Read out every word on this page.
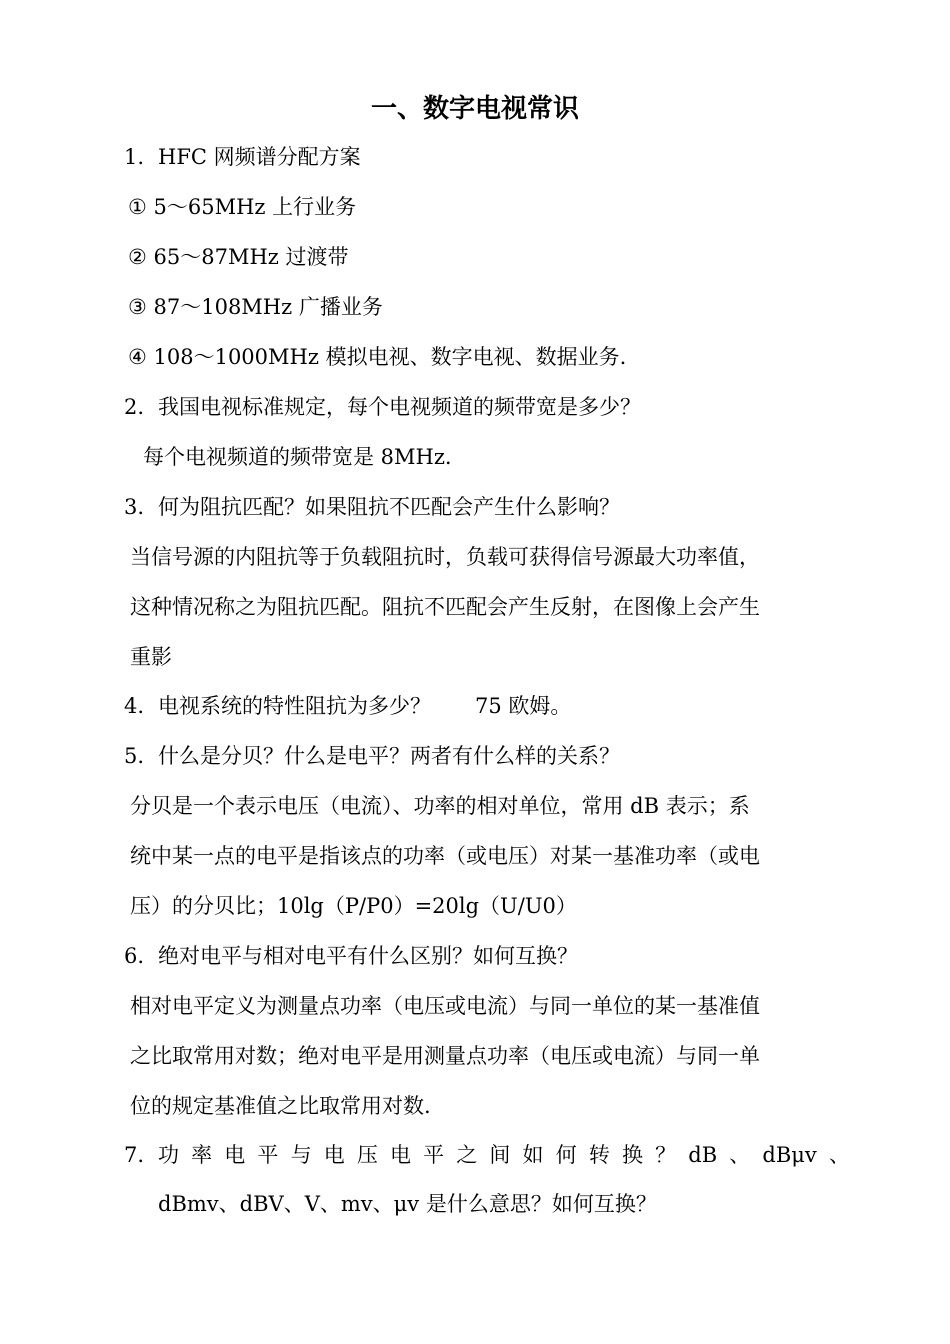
一、数字电视常识
1. HFC 网频谱分配方案
① 5～65MHz 上行业务
② 65～87MHz 过渡带
③ 87～108MHz 广播业务
④ 108～1000MHz 模拟电视、数字电视、数据业务.
2. 我国电视标准规定，每个电视频道的频带宽是多少？
每个电视频道的频带宽是 8MHz.
3. 何为阻抗匹配？如果阻抗不匹配会产生什么影响？
当信号源的内阻抗等于负载阻抗时，负载可获得信号源最大功率值，
这种情况称之为阻抗匹配。阻抗不匹配会产生反射，在图像上会产生
重影
4. 电视系统的特性阻抗为多少？ 75 欧姆。
5. 什么是分贝？什么是电平？两者有什么样的关系？
分贝是一个表示电压（电流）、功率的相对单位，常用 dB 表示；系
统中某一点的电平是指该点的功率（或电压）对某一基准功率（或电
压）的分贝比；10lg（P/P0）=20lg（U/U0）
6. 绝对电平与相对电平有什么区别？如何互换？
相对电平定义为测量点功率（电压或电流）与同一单位的某一基准值
之比取常用对数；绝对电平是用测量点功率（电压或电流）与同一单
位的规定基准值之比取常用对数.
7. 功 率 电 平 与 电 压 电 平 之 间 如 何 转 换 ？ dB 、 dBμv 、
dBmv、dBV、V、mv、μv 是什么意思？如何互换？
